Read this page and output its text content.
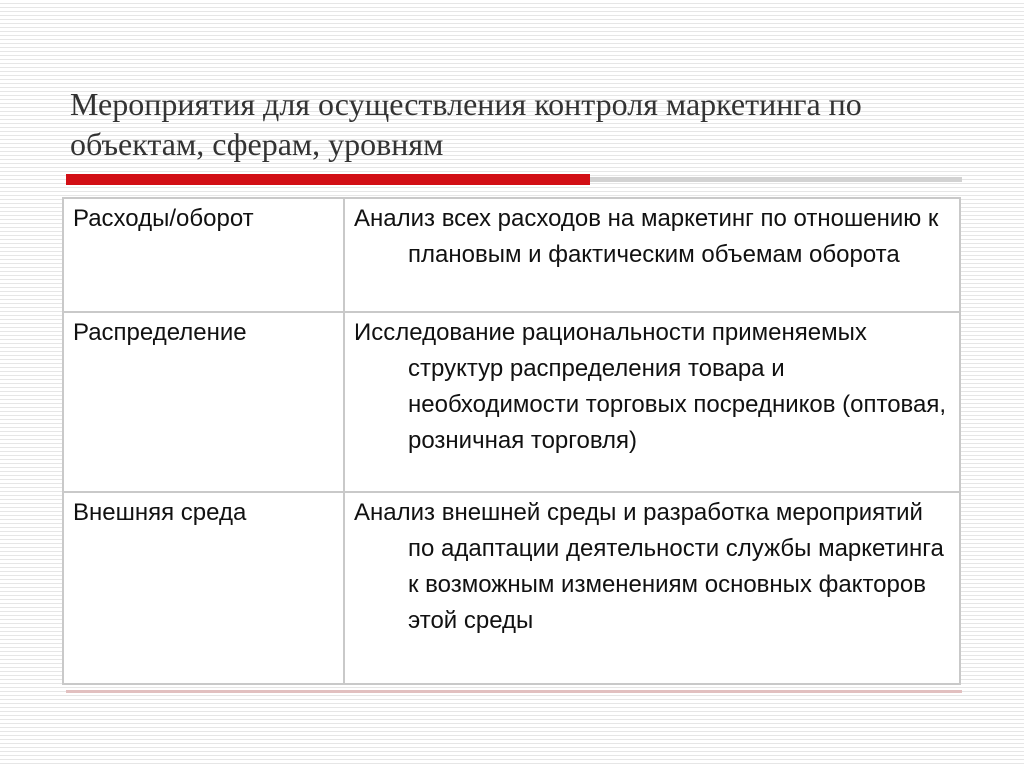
Мероприятия для осуществления контроля маркетинга по объектам, сферам, уровням
Расходы/оборот	Анализ всех расходов на маркетинг по отношению к плановым и фактическим объемам оборота

Распределение	Исследование рациональности применяемых структур распределения товара и необходимости торговых посредников (оптовая, розничная торговля)

Внешняя среда	Анализ внешней среды и разработка мероприятий по адаптации деятельности службы маркетинга к возможным изменениям основных факторов этой среды
